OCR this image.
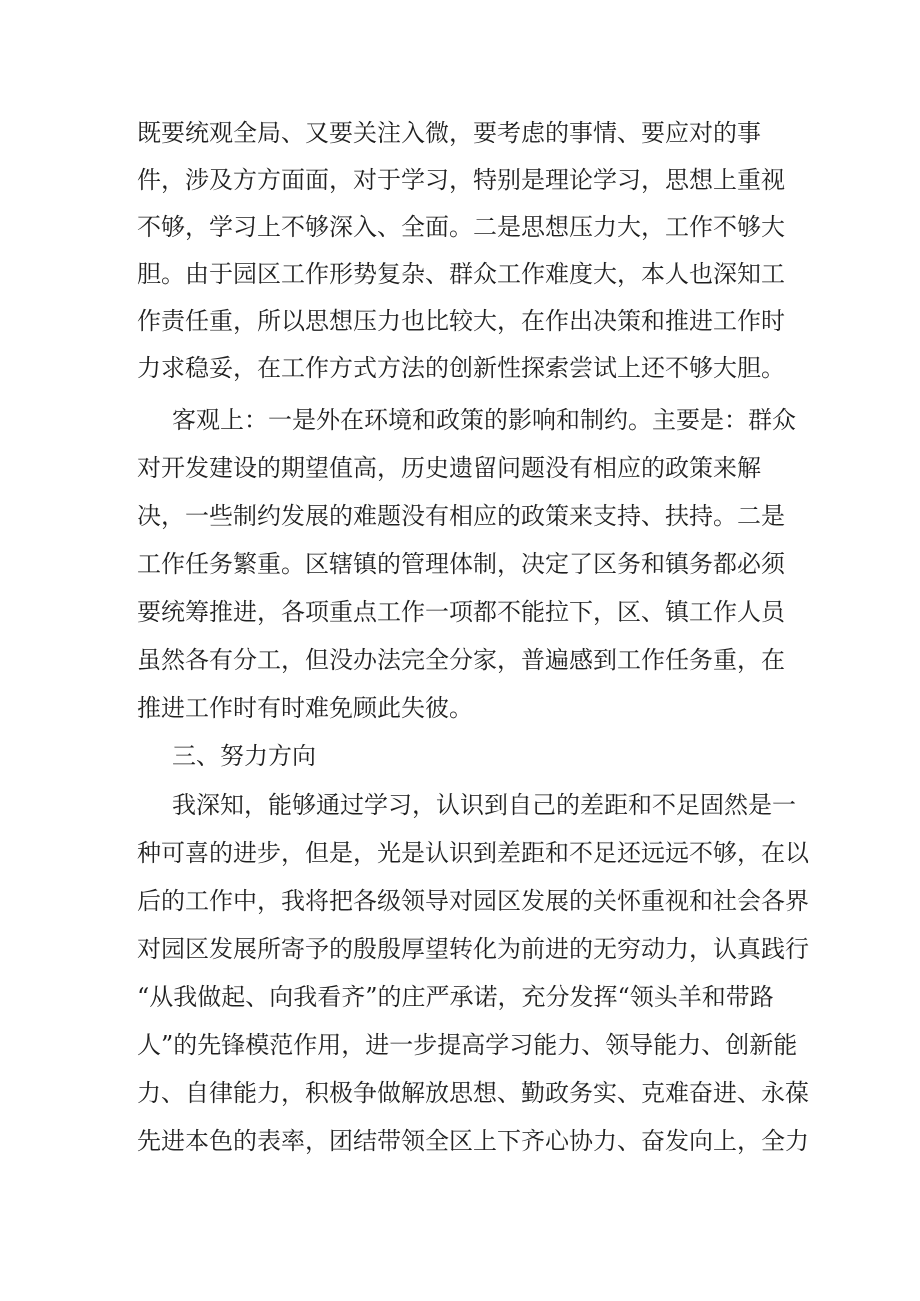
既要统观全局、又要关注入微，要考虑的事情、要应对的事

件，涉及方方面面，对于学习，特别是理论学习，思想上重视

不够，学习上不够深入、全面。二是思想压力大，工作不够大

胆。由于园区工作形势复杂、群众工作难度大，本人也深知工

作责任重，所以思想压力也比较大，在作出决策和推进工作时

力求稳妥，在工作方式方法的创新性探索尝试上还不够大胆。

客观上：一是外在环境和政策的影响和制约。主要是：群众

对开发建设的期望值高，历史遗留问题没有相应的政策来解

决，一些制约发展的难题没有相应的政策来支持、扶持。二是

工作任务繁重。区辖镇的管理体制，决定了区务和镇务都必须

要统筹推进，各项重点工作一项都不能拉下，区、镇工作人员

虽然各有分工，但没办法完全分家，普遍感到工作任务重，在

推进工作时有时难免顾此失彼。

三、努力方向

我深知，能够通过学习，认识到自己的差距和不足固然是一

种可喜的进步，但是，光是认识到差距和不足还远远不够，在以

后的工作中，我将把各级领导对园区发展的关怀重视和社会各界

对园区发展所寄予的殷殷厚望转化为前进的无穷动力，认真践行

“从我做起、向我看齐”的庄严承诺，充分发挥“领头羊和带路

人”的先锋模范作用，进一步提高学习能力、领导能力、创新能

力、自律能力，积极争做解放思想、勤政务实、克难奋进、永葆

先进本色的表率，团结带领全区上下齐心协力、奋发向上，全力
